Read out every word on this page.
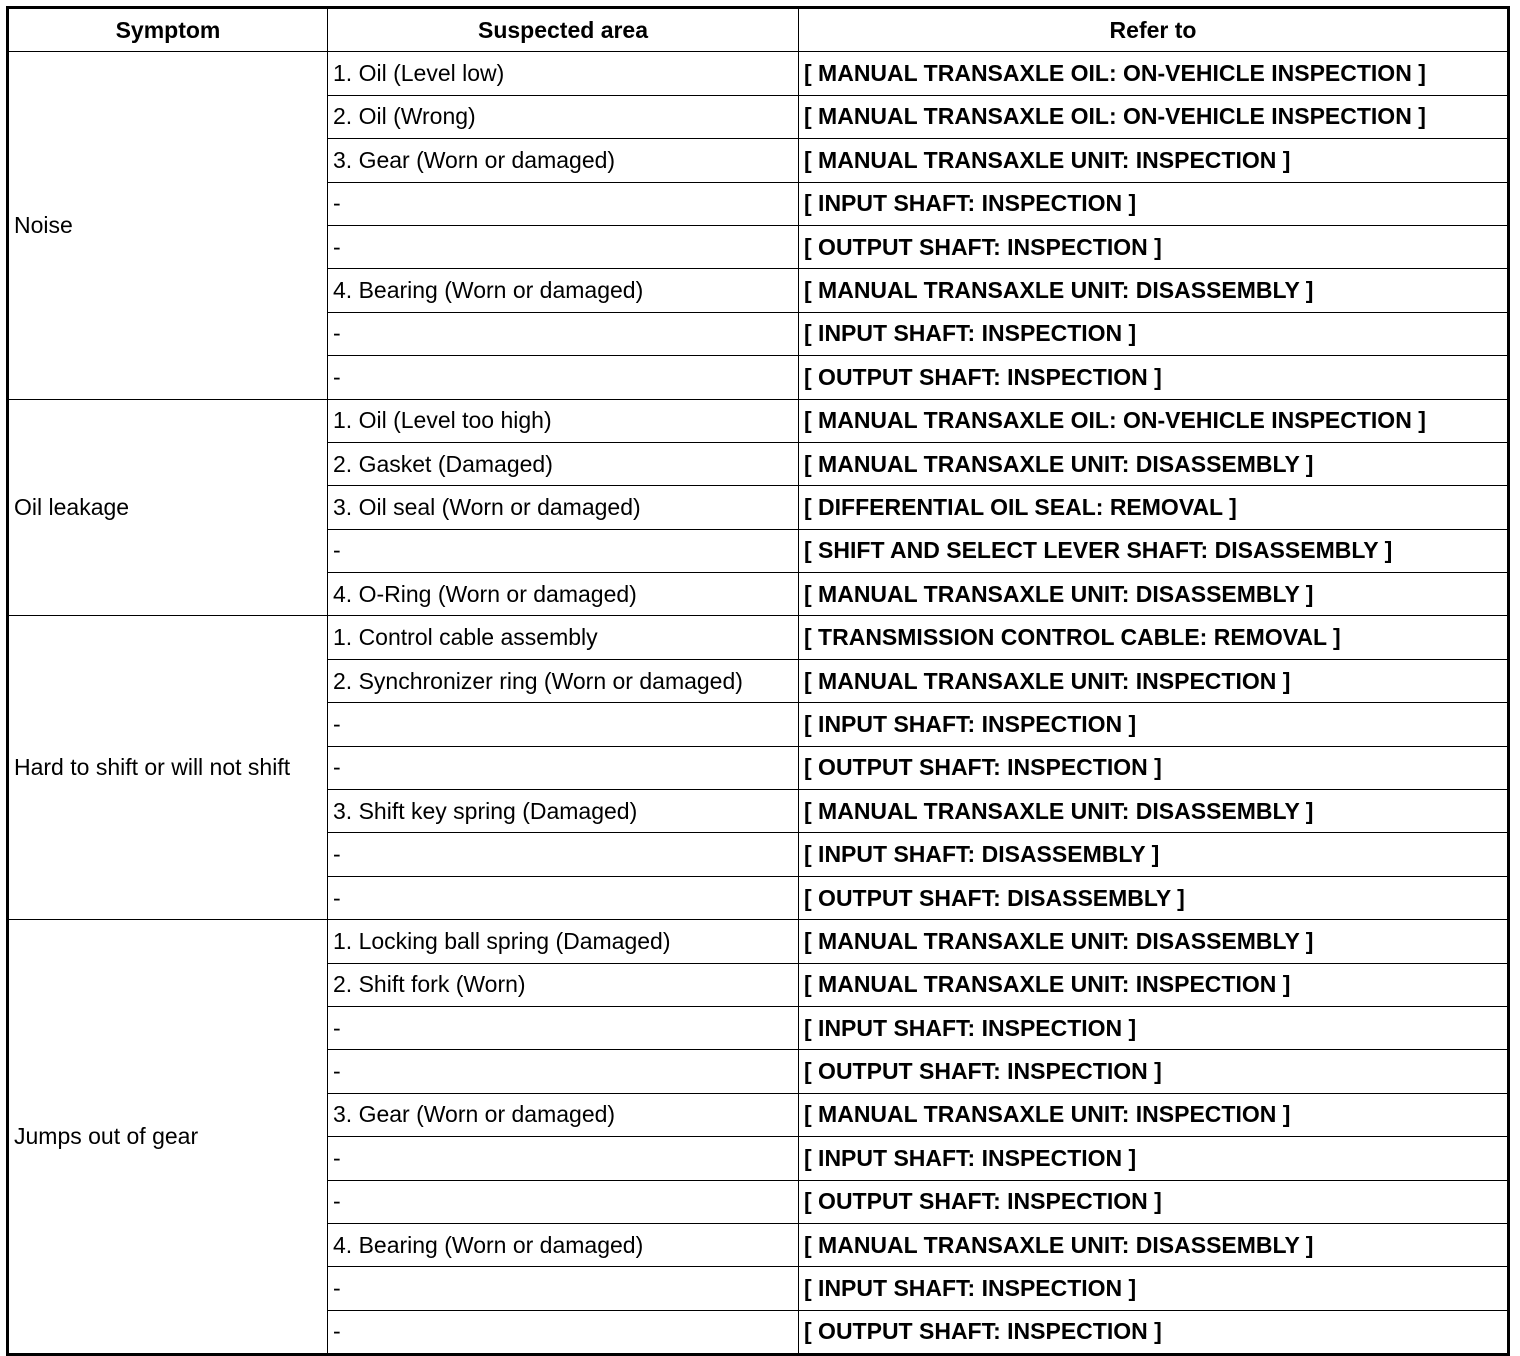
Symptom	Suspected area	Refer to
Noise	1. Oil (Level low)	[ MANUAL TRANSAXLE OIL: ON-VEHICLE INSPECTION ]
	2. Oil (Wrong)	[ MANUAL TRANSAXLE OIL: ON-VEHICLE INSPECTION ]
	3. Gear (Worn or damaged)	[ MANUAL TRANSAXLE UNIT: INSPECTION ]
	-	[ INPUT SHAFT: INSPECTION ]
	-	[ OUTPUT SHAFT: INSPECTION ]
	4. Bearing (Worn or damaged)	[ MANUAL TRANSAXLE UNIT: DISASSEMBLY ]
	-	[ INPUT SHAFT: INSPECTION ]
	-	[ OUTPUT SHAFT: INSPECTION ]
Oil leakage	1. Oil (Level too high)	[ MANUAL TRANSAXLE OIL: ON-VEHICLE INSPECTION ]
	2. Gasket (Damaged)	[ MANUAL TRANSAXLE UNIT: DISASSEMBLY ]
	3. Oil seal (Worn or damaged)	[ DIFFERENTIAL OIL SEAL: REMOVAL ]
	-	[ SHIFT AND SELECT LEVER SHAFT: DISASSEMBLY ]
	4. O-Ring (Worn or damaged)	[ MANUAL TRANSAXLE UNIT: DISASSEMBLY ]
Hard to shift or will not shift	1. Control cable assembly	[ TRANSMISSION CONTROL CABLE: REMOVAL ]
	2. Synchronizer ring (Worn or damaged)	[ MANUAL TRANSAXLE UNIT: INSPECTION ]
	-	[ INPUT SHAFT: INSPECTION ]
	-	[ OUTPUT SHAFT: INSPECTION ]
	3. Shift key spring (Damaged)	[ MANUAL TRANSAXLE UNIT: DISASSEMBLY ]
	-	[ INPUT SHAFT: DISASSEMBLY ]
	-	[ OUTPUT SHAFT: DISASSEMBLY ]
Jumps out of gear	1. Locking ball spring (Damaged)	[ MANUAL TRANSAXLE UNIT: DISASSEMBLY ]
	2. Shift fork (Worn)	[ MANUAL TRANSAXLE UNIT: INSPECTION ]
	-	[ INPUT SHAFT: INSPECTION ]
	-	[ OUTPUT SHAFT: INSPECTION ]
	3. Gear (Worn or damaged)	[ MANUAL TRANSAXLE UNIT: INSPECTION ]
	-	[ INPUT SHAFT: INSPECTION ]
	-	[ OUTPUT SHAFT: INSPECTION ]
	4. Bearing (Worn or damaged)	[ MANUAL TRANSAXLE UNIT: DISASSEMBLY ]
	-	[ INPUT SHAFT: INSPECTION ]
	-	[ OUTPUT SHAFT: INSPECTION ]
